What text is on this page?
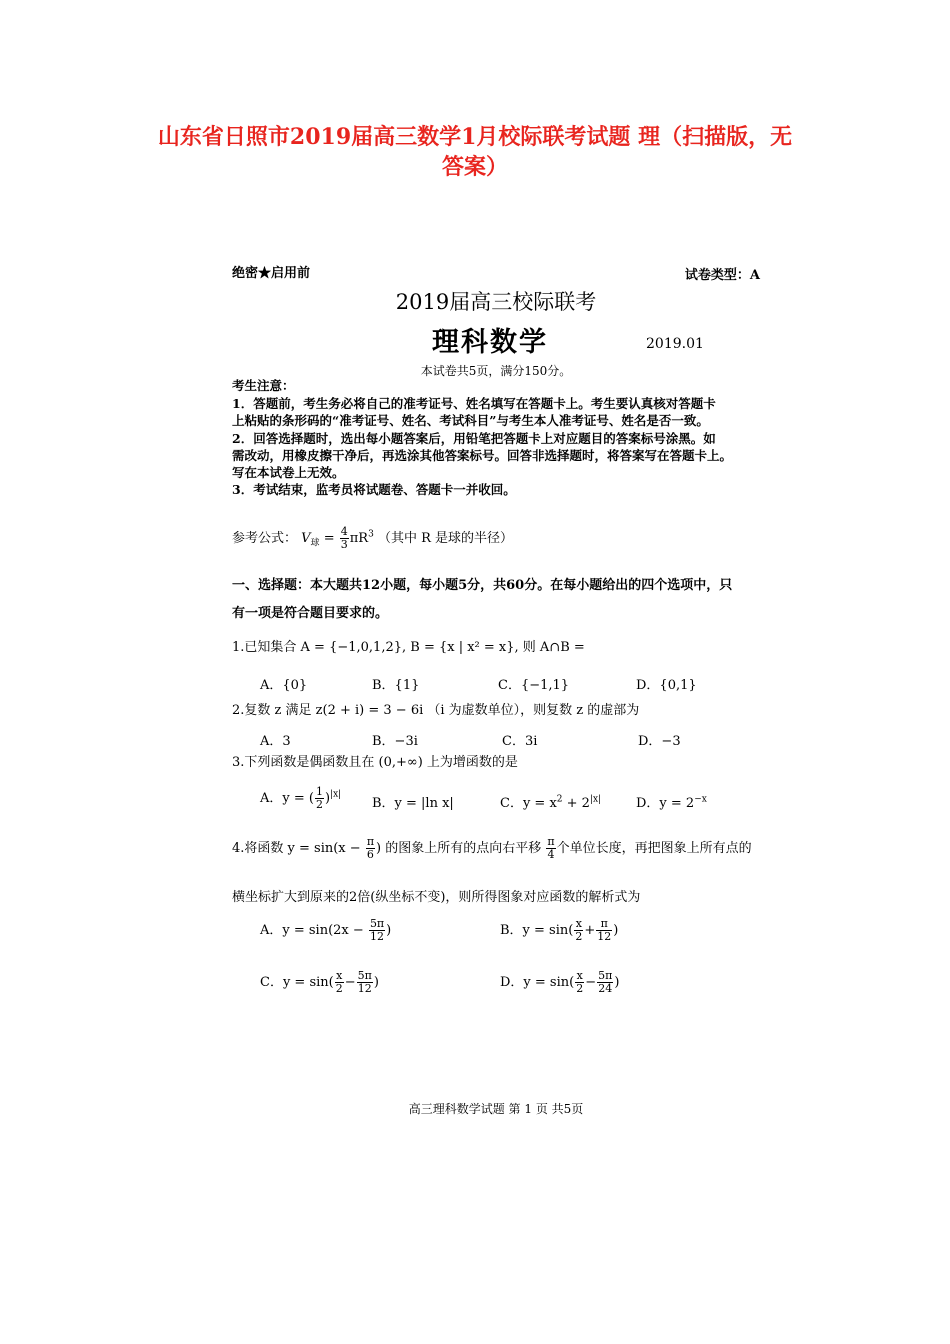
山东省日照市2019届高三数学1月校际联考试题 理（扫描版，无
答案）
绝密★启用前	试卷类型：A
2019届高三校际联考
理科数学	2019.01
本试卷共5页，满分150分。
考生注意：
1．答题前，考生务必将自己的准考证号、姓名填写在答题卡上。考生要认真核对答题卡
上粘贴的条形码的“准考证号、姓名、考试科目”与考生本人准考证号、姓名是否一致。
2．回答选择题时，选出每小题答案后，用铅笔把答题卡上对应题目的答案标号涂黑。如
需改动，用橡皮擦干净后，再选涂其他答案标号。回答非选择题时，将答案写在答题卡上。
写在本试卷上无效。
3．考试结束，监考员将试题卷、答题卡一并收回。
参考公式： $V_球 = \frac{4}{3} \pi R^3$ （其中 R 是球的半径）
一、选择题：本大题共12小题，每小题5分，共60分。在每小题给出的四个选项中，只
有一项是符合题目要求的。
1.已知集合 A = {−1,0,1,2}, B = {x | x² = x}, 则 A∩B =
A．{0}	B．{1}	C．{−1,1}	D．{0,1}
2.复数 z 满足 z(2 + i) = 3 − 6i （i 为虚数单位），则复数 z 的虚部为
A．3	B．−3i	C．3i	D．−3
3.下列函数是偶函数且在 (0,+∞) 上为增函数的是
A．y = ( $\frac{1}{2} )^{|x|}$
B．y = |ln x|	C．$y = x^2 + 2^{|x|}$	D．$y = 2^{-x}$
4.将函数 $y = \sin(x - \frac{\pi}{6}$ ) 的图象上所有的点向右平移 $\frac{\pi}{4}$ 个单位长度，再把图象上所有点的
横坐标扩大到原来的2倍(纵坐标不变)，则所得图象对应函数的解析式为
A．$y = \sin(2x - \frac{5\pi}{12}$ )	B．$y = \sin( \frac{x}{2} + \frac{\pi}{12}$ )
C．$y = \sin( \frac{x}{2} - \frac{5\pi}{12}$ )	D．$y = \sin( \frac{x}{2} - \frac{5\pi}{24}$ )
高三理科数学试题 第 1 页 共5页
